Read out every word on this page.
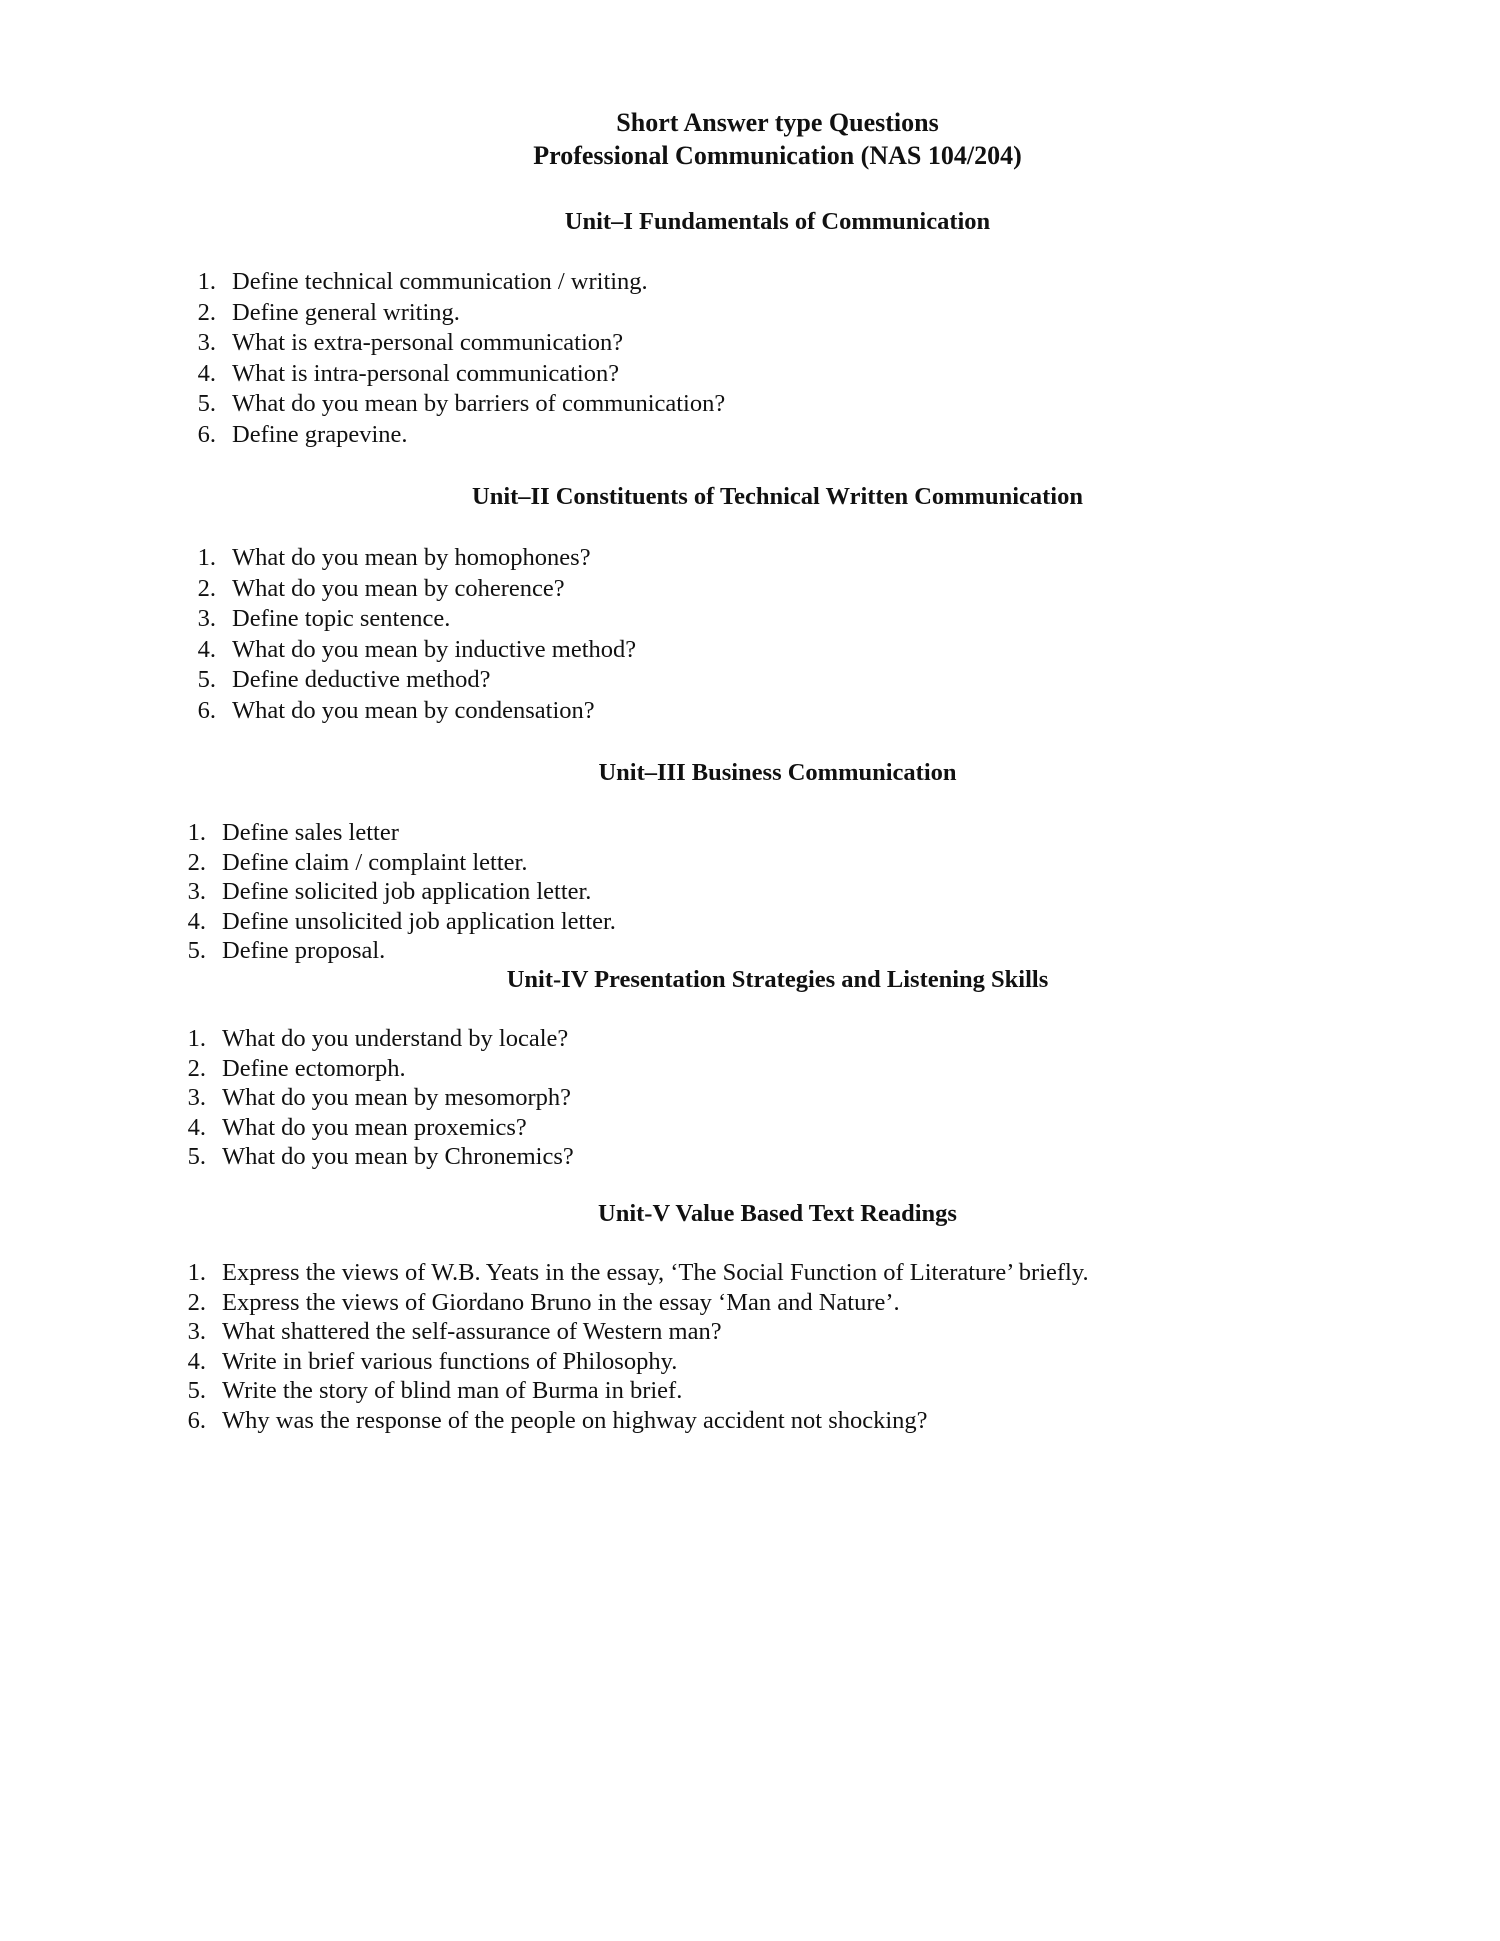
Short Answer type Questions
Professional Communication (NAS 104/204)
Unit–I Fundamentals of Communication
1. Define technical communication / writing.
2. Define general writing.
3. What is extra-personal communication?
4. What is intra-personal communication?
5. What do you mean by barriers of communication?
6. Define grapevine.
Unit–II Constituents of Technical Written Communication
1. What do you mean by homophones?
2. What do you mean by coherence?
3. Define topic sentence.
4. What do you mean by inductive method?
5. Define deductive method?
6. What do you mean by condensation?
Unit–III Business Communication
1. Define sales letter
2. Define claim / complaint letter.
3. Define solicited job application letter.
4. Define unsolicited job application letter.
5. Define proposal.
Unit-IV Presentation Strategies and Listening Skills
1. What do you understand by locale?
2. Define ectomorph.
3. What do you mean by mesomorph?
4. What do you mean proxemics?
5. What do you mean by Chronemics?
Unit-V Value Based Text Readings
1. Express the views of W.B. Yeats in the essay, ‘The Social Function of Literature’ briefly.
2. Express the views of Giordano Bruno in the essay ‘Man and Nature’.
3. What shattered the self-assurance of Western man?
4. Write in brief various functions of Philosophy.
5. Write the story of blind man of Burma in brief.
6. Why was the response of the people on highway accident not shocking?
